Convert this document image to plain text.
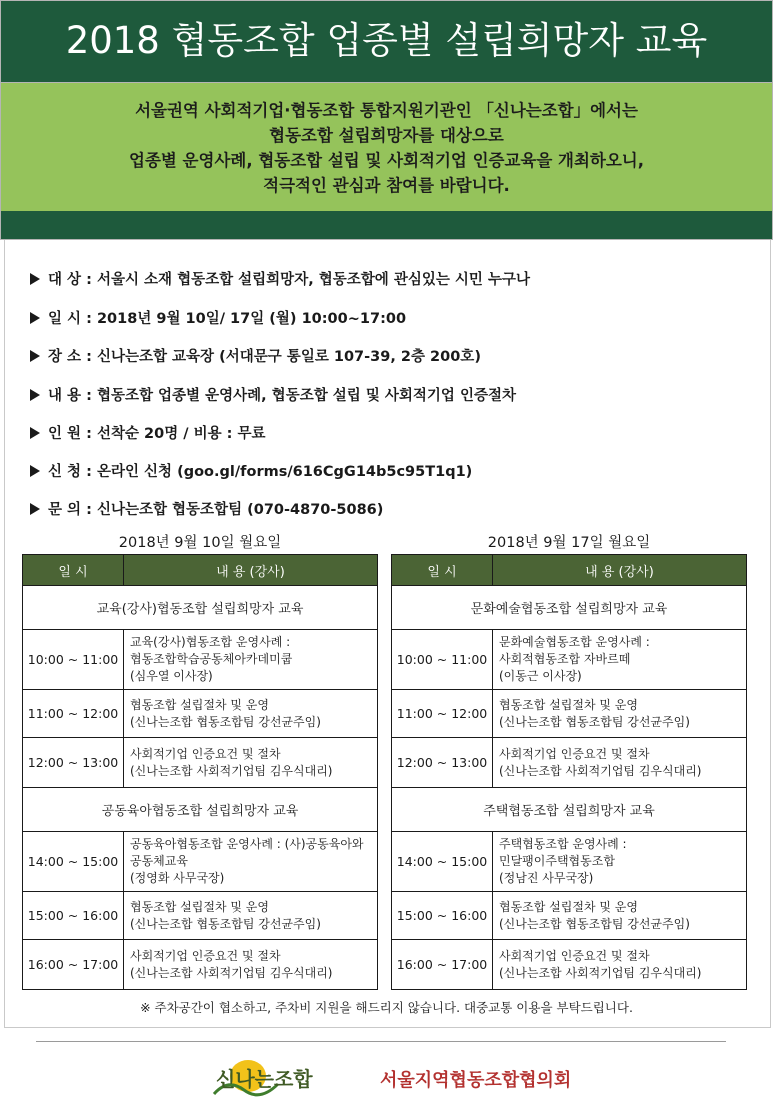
2018 협동조합 업종별 설립희망자 교육
서울권역 사회적기업·협동조합 통합지원기관인 「신나는조합」에서는
협동조합 설립희망자를 대상으로
업종별 운영사례, 협동조합 설립 및 사회적기업 인증교육을 개최하오니,
적극적인 관심과 참여를 바랍니다.
대 상 : 서울시 소재 협동조합 설립희망자, 협동조합에 관심있는 시민 누구나
일 시 : 2018년 9월 10일/ 17일 (월) 10:00~17:00
장 소 : 신나는조합 교육장 (서대문구 통일로 107-39, 2층 200호)
내 용 : 협동조합 업종별 운영사례, 협동조합 설립 및 사회적기업 인증절차
인 원 : 선착순 20명 / 비용 : 무료
신 청 : 온라인 신청 (goo.gl/forms/616CgG14b5c95T1q1)
문 의 : 신나는조합 협동조합팀 (070-4870-5086)
2018년 9월 10일 월요일
일 시	내 용 (강사)
교육(강사)협동조합 설립희망자 교육	
10:00 ~ 11:00	교육(강사)협동조합 운영사례 :
협동조합학습공동체아카데미쿱
(심우열 이사장)

11:00 ~ 12:00	협동조합 설립절차 및 운영
(신나는조합 협동조합팀 강선균주임)

12:00 ~ 13:00	사회적기업 인증요건 및 절차
(신나는조합 사회적기업팀 김우식대리)

공동육아협동조합 설립희망자 교육	
14:00 ~ 15:00	공동육아협동조합 운영사례 : (사)공동육아와
공동체교육
(정영화 사무국장)

15:00 ~ 16:00	협동조합 설립절차 및 운영
(신나는조합 협동조합팀 강선균주임)

16:00 ~ 17:00	사회적기업 인증요건 및 절차
(신나는조합 사회적기업팀 김우식대리)
2018년 9월 17일 월요일
일 시	내 용 (강사)
문화예술협동조합 설립희망자 교육	
10:00 ~ 11:00	문화예술협동조합 운영사례 :
사회적협동조합 자바르떼
(이동근 이사장)

11:00 ~ 12:00	협동조합 설립절차 및 운영
(신나는조합 협동조합팀 강선균주임)

12:00 ~ 13:00	사회적기업 인증요건 및 절차
(신나는조합 사회적기업팀 김우식대리)

주택협동조합 설립희망자 교육	
14:00 ~ 15:00	주택협동조합 운영사례 :
민달팽이주택협동조합
(정남진 사무국장)

15:00 ~ 16:00	협동조합 설립절차 및 운영
(신나는조합 협동조합팀 강선균주임)

16:00 ~ 17:00	사회적기업 인증요건 및 절차
(신나는조합 사회적기업팀 김우식대리)
※ 주차공간이 협소하고, 주차비 지원을 해드리지 않습니다. 대중교통 이용을 부탁드립니다.
신나는조합	서울지역협동조합협의회
